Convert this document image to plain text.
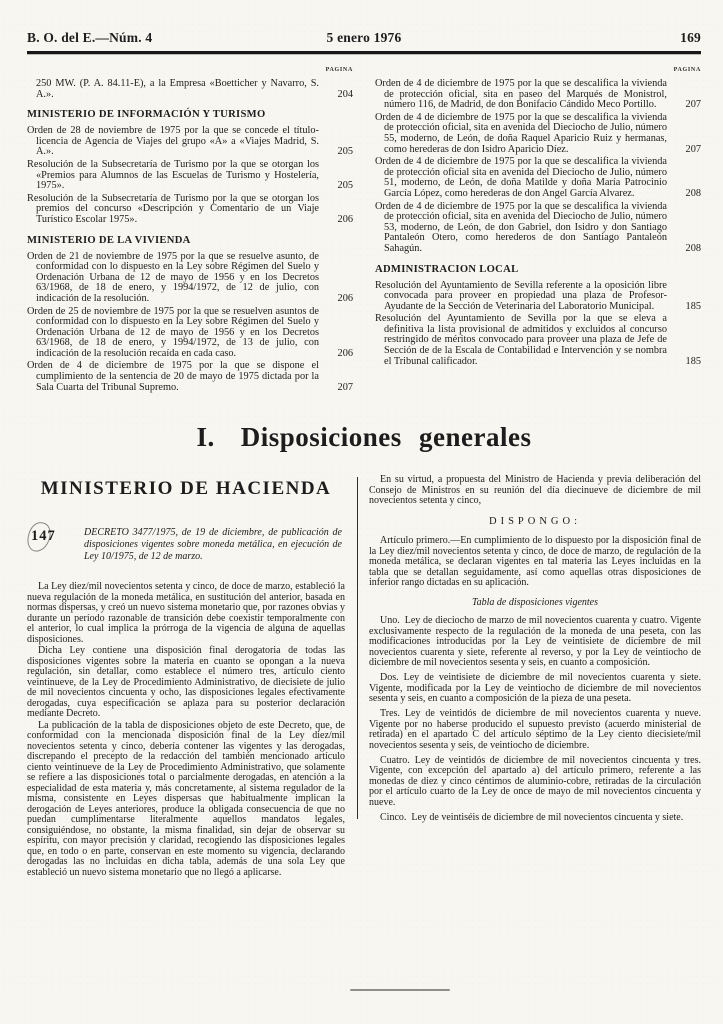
B. O. del E.—Núm. 4	5 enero 1976	169
PAGINA

250 MW. (P. A. 84.11-E), a la Empresa «Boetticher y Navarro, S. A.».	204
MINISTERIO DE INFORMACIÓN Y TURISMO

Orden de 28 de noviembre de 1975 por la que se concede el título-licencia de Agencia de Viajes del grupo «A» a «Viajes Madrid, S. A.».	205

Resolución de la Subsecretaría de Turismo por la que se otorgan los «Premios para Alumnos de las Escuelas de Turismo y Hostelería, 1975».	205

Resolución de la Subsecretaría de Turismo por la que se otorgan los premios del concurso «Descripción y Comentario de un Viaje Turístico Escolar 1975».	206
MINISTERIO DE LA VIVIENDA

Orden de 21 de noviembre de 1975 por la que se resuelve asunto, de conformidad con lo dispuesto en la Ley sobre Régimen del Suelo y Ordenación Urbana de 12 de mayo de 1956 y en los Decretos 63/1968, de 18 de enero, y 1994/1972, de 12 de julio, con indicación de la resolución.	206

Orden de 25 de noviembre de 1975 por la que se resuelven asuntos de conformidad con lo dispuesto en la Ley sobre Régimen del Suelo y Ordenación Urbana de 12 de mayo de 1956 y en los Decretos 63/1968, de 18 de enero, y 1994/1972, de 13 de julio, con indicación de la resolución recaída en cada caso.	206

Orden de 4 de diciembre de 1975 por la que se dispone el cumplimiento de la sentencia de 20 de mayo de 1975 dictada por la Sala Cuarta del Tribunal Supremo.	207
PAGINA

Orden de 4 de diciembre de 1975 por la que se descalifica la vivienda de protección oficial, sita en paseo del Marqués de Monistrol, número 116, de Madrid, de don Bonifacio Cándido Meco Portillo.	207

Orden de 4 de diciembre de 1975 por la que se descalifica la vivienda de protección oficial, sita en avenida del Dieciocho de Julio, número 55, moderno, de León, de doña Raquel Aparicio Ruiz y hermanas, como herederas de don Isidro Aparicio Díez.	207

Orden de 4 de diciembre de 1975 por la que se descalifica la vivienda de protección oficial sita en avenida del Dieciocho de Julio, número 51, moderno, de León, de doña Matilde y doña María Patrocinio García López, como herederas de don Angel García Alvarez.	208

Orden de 4 de diciembre de 1975 por la que se descalifica la vivienda de protección oficial, sita en avenida del Dieciocho de Julio, número 53, moderno, de León, de don Gabriel, don Isidro y don Santiago Pantaleón Otero, como herederos de don Santiago Pantaleón Sahagún.	208
ADMINISTRACION LOCAL

Resolución del Ayuntamiento de Sevilla referente a la oposición libre convocada para proveer en propiedad una plaza de Profesor-Ayudante de la Sección de Veterinaria del Laboratorio Municipal.	185

Resolución del Ayuntamiento de Sevilla por la que se eleva a definitiva la lista provisional de admitidos y excluidos al concurso restringido de méritos convocado para proveer una plaza de Jefe de Sección de de la Escala de Contabilidad e Intervención y se nombra el Tribunal calificador.	185
I. Disposiciones generales
MINISTERIO DE HACIENDA
147	DECRETO 3477/1975, de 19 de diciembre, de publicación de disposiciones vigentes sobre moneda metálica, en ejecución de Ley 10/1975, de 12 de marzo.

La Ley diez/mil novecientos setenta y cinco, de doce de marzo, estableció la nueva regulación de la moneda metálica, en sustitución del anterior, basada en normas dispersas, y creó un nuevo sistema monetario que, por razones obvias y durante un período razonable de transición debe coexistir temporalmente con el anterior, lo cual implica la prórroga de la vigencia de alguna de aquellas disposiciones.

Dicha Ley contiene una disposición final derogatoria de todas las disposiciones vigentes sobre la materia en cuanto se opongan a la nueva regulación, sin detallar, como establece el número tres, artículo ciento veintinueve, de la Ley de Procedimiento Administrativo, de diecisiete de julio de mil novecientos cincuenta y ocho, las disposiciones legales efectivamente derogadas, cuya especificación se aplaza para su posterior declaración mediante Decreto.

La publicación de la tabla de disposiciones objeto de este Decreto, que, de conformidad con la mencionada disposición final de la Ley diez/mil novecientos setenta y cinco, debería contener las vigentes y las derogadas, discrepando el precepto de la redacción del también mencionado artículo ciento veintinueve de la Ley de Procedimiento Administrativo, que solamente se refiere a las disposiciones total o parcialmente derogadas, en atención a la especialidad de esta materia y, más concretamente, al sistema regulador de la misma, consistente en Leyes dispersas que habitualmente implican la derogación de Leyes anteriores, produce la obligada consecuencia de que no puedan cumplimentarse literalmente aquellos mandatos legales, consiguiéndose, no obstante, la misma finalidad, sin dejar de observar su espíritu, con mayor precisión y claridad, recogiendo las disposiciones legales que, en todo o en parte, conservan en este momento su vigencia, declarando derogadas las no incluidas en dicha tabla, además de una sola Ley que estableció un nuevo sistema monetario que no llegó a aplicarse.

En su virtud, a propuesta del Ministro de Hacienda y previa deliberación del Consejo de Ministros en su reunión del día diecinueve de diciembre de mil novecientos setenta y cinco,

DISPONGO:

Artículo primero.—En cumplimiento de lo dispuesto por la disposición final de la Ley diez/mil novecientos setenta y cinco, de doce de marzo, de regulación de la moneda metálica, se declaran vigentes en tal materia las Leyes incluidas en la tabla que se detallan seguidamente, así como aquellas otras disposiciones de inferior rango dictadas en su aplicación.

Tabla de disposiciones vigentes

Uno. Ley de dieciocho de marzo de mil novecientos cuarenta y cuatro. Vigente exclusivamente respecto de la regulación de la moneda de una peseta, con las modificaciones introducidas por la Ley de veintisiete de diciembre de mil novecientos cuarenta y siete, referente al reverso, y por la Ley de veintiocho de diciembre de mil novecientos sesenta y seis, en cuanto a composición.

Dos. Ley de veintisiete de diciembre de mil novecientos cuarenta y siete. Vigente, modificada por la Ley de veintiocho de diciembre de mil novecientos sesenta y seis, en cuanto a composición de la pieza de una peseta.

Tres. Ley de veintidós de diciembre de mil novecientos cuarenta y nueve. Vigente por no haberse producido el supuesto previsto (acuerdo ministerial de retirada) en el apartado C del artículo séptimo de la Ley ciento diecisiete/mil novecientos sesenta y seis, de veintiocho de diciembre.

Cuatro. Ley de veintidós de diciembre de mil novecientos cincuenta y tres. Vigente, con excepción del apartado a) del artículo primero, referente a las monedas de diez y cinco céntimos de aluminio-cobre, retiradas de la circulación por el artículo cuarto de la Ley de once de mayo de mil novecientos cincuenta y nueve.

Cinco. Ley de veintiséis de diciembre de mil novecientos cincuenta y siete.
